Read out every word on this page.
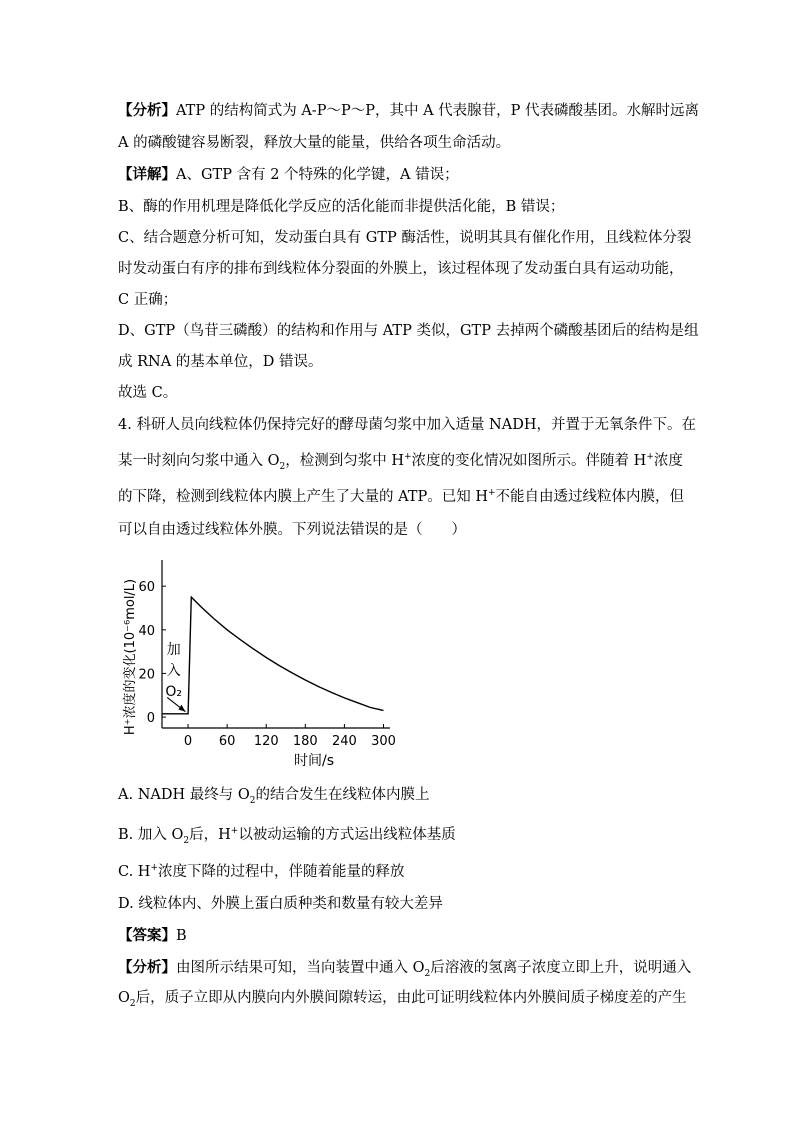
【分析】ATP 的结构简式为 A-P～P～P，其中 A 代表腺苷，P 代表磷酸基团。水解时远离
A 的磷酸键容易断裂，释放大量的能量，供给各项生命活动。
【详解】A、GTP 含有 2 个特殊的化学键，A 错误；
B、酶的作用机理是降低化学反应的活化能而非提供活化能，B 错误；
C、结合题意分析可知，发动蛋白具有 GTP 酶活性，说明其具有催化作用，且线粒体分裂
时发动蛋白有序的排布到线粒体分裂面的外膜上，该过程体现了发动蛋白具有运动功能，
C 正确；
D、GTP（鸟苷三磷酸）的结构和作用与 ATP 类似，GTP 去掉两个磷酸基团后的结构是组
成 RNA 的基本单位，D 错误。
故选 C。
4. 科研人员向线粒体仍保持完好的酵母菌匀浆中加入适量 NADH，并置于无氧条件下。在
某一时刻向匀浆中通入 $O_2$，检测到匀浆中 H+浓度的变化情况如图所示。伴随着 H+浓度
的下降，检测到线粒体内膜上产生了大量的 ATP。已知 H+不能自由透过线粒体内膜，但
可以自由透过线粒体外膜。下列说法错误的是（　　）
0 60 120 180 240 300
0
20
40
60
H⁺浓度的变化(10⁻⁶mol/L)
时间/s
加
入
O₂
A. NADH 最终与 $O_2$的结合发生在线粒体内膜上
B. 加入 $O_2$后，H+以被动运输的方式运出线粒体基质
C. H+浓度下降的过程中，伴随着能量的释放
D. 线粒体内、外膜上蛋白质种类和数量有较大差异
【答案】B
【分析】由图所示结果可知，当向装置中通入 $O_2$后溶液的氢离子浓度立即上升，说明通入
$O_2$后，质子立即从内膜向内外膜间隙转运，由此可证明线粒体内外膜间质子梯度差的产生
